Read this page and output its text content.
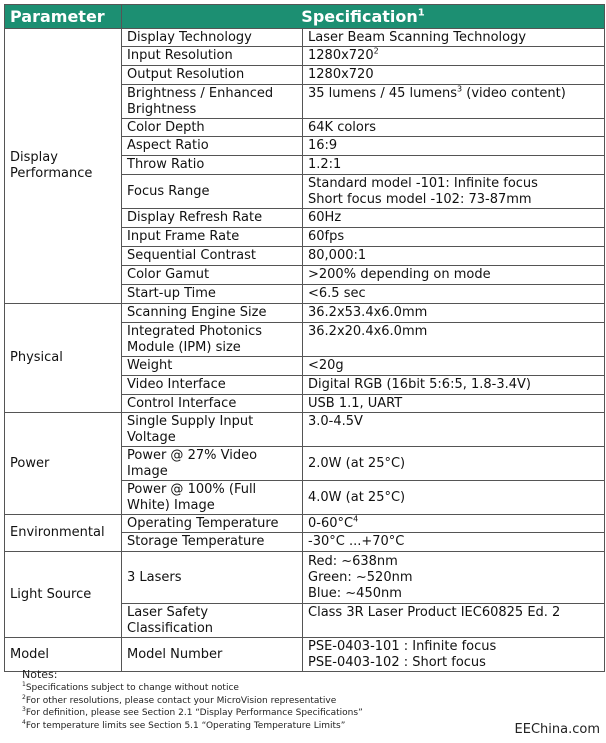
Parameter	Specification$^1$
Display Performance	Display Technology	Laser Beam Scanning Technology
	Input Resolution	$1280x720^2$
	Output Resolution	1280x720
	Brightness / Enhanced Brightness	35 lumens / 45 lumens$^3$ (video content)
	Color Depth	64K colors
	Aspect Ratio	16:9
	Throw Ratio	1.2:1
	Focus Range	Standard model -101: Infinite focus
Short focus model -102: 73-87mm

	Display Refresh Rate	60Hz
	Input Frame Rate	60fps
	Sequential Contrast	80,000:1
	Color Gamut	>200% depending on mode
	Start-up Time	<6.5 sec
Physical	Scanning Engine Size	36.2x53.4x6.0mm
	Integrated Photonics Module (IPM) size	36.2x20.4x6.0mm
	Weight	<20g
	Video Interface	Digital RGB (16bit 5:6:5, 1.8-3.4V)
	Control Interface	USB 1.1, UART
Power	Single Supply Input Voltage	3.0-4.5V
	Power @ 27% Video Image	2.0W (at 25°C)
	Power @ 100% (Full White) Image	4.0W (at 25°C)
Environmental	Operating Temperature	$0-60^\circ C^4$
	Storage Temperature	-30°C ...+70°C
Light Source	3 Lasers	Red: ~638nm
Green: ~520nm
Blue: ~450nm

	Laser Safety Classification	Class 3R Laser Product IEC60825 Ed. 2
Model	Model Number	PSE-0403-101 : Infinite focus
PSE-0403-102 : Short focus
Notes:
$^1$Specifications subject to change without notice
$^2$For other resolutions, please contact your MicroVision representative
$^3$For definition, please see Section 2.1 “Display Performance Specifications”
$^4$For temperature limits see Section 5.1 “Operating Temperature Limits”	EEChina.com
